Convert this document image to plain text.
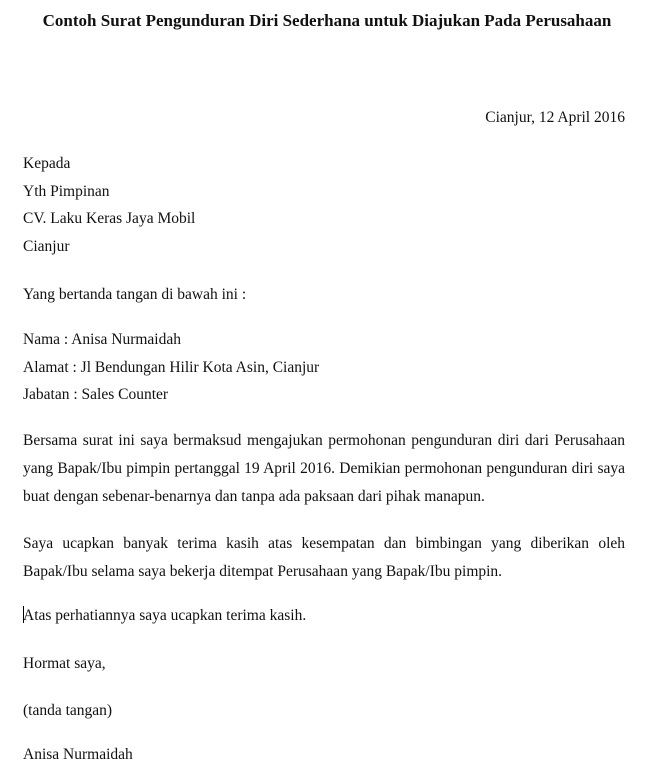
Contoh Surat Pengunduran Diri Sederhana untuk Diajukan Pada Perusahaan
Cianjur, 12 April 2016
Kepada
Yth Pimpinan
CV. Laku Keras Jaya Mobil
Cianjur
Yang bertanda tangan di bawah ini :
Nama : Anisa Nurmaidah
Alamat : Jl Bendungan Hilir Kota Asin, Cianjur
Jabatan : Sales Counter
Bersama surat ini saya bermaksud mengajukan permohonan pengunduran diri dari Perusahaan yang Bapak/Ibu pimpin pertanggal 19 April 2016. Demikian permohonan pengunduran diri saya buat dengan sebenar-benarnya dan tanpa ada paksaan dari pihak manapun.
Saya ucapkan banyak terima kasih atas kesempatan dan bimbingan yang diberikan oleh Bapak/Ibu selama saya bekerja ditempat Perusahaan yang Bapak/Ibu pimpin.
Atas perhatiannya saya ucapkan terima kasih.
Hormat saya,
(tanda tangan)
Anisa Nurmaidah
